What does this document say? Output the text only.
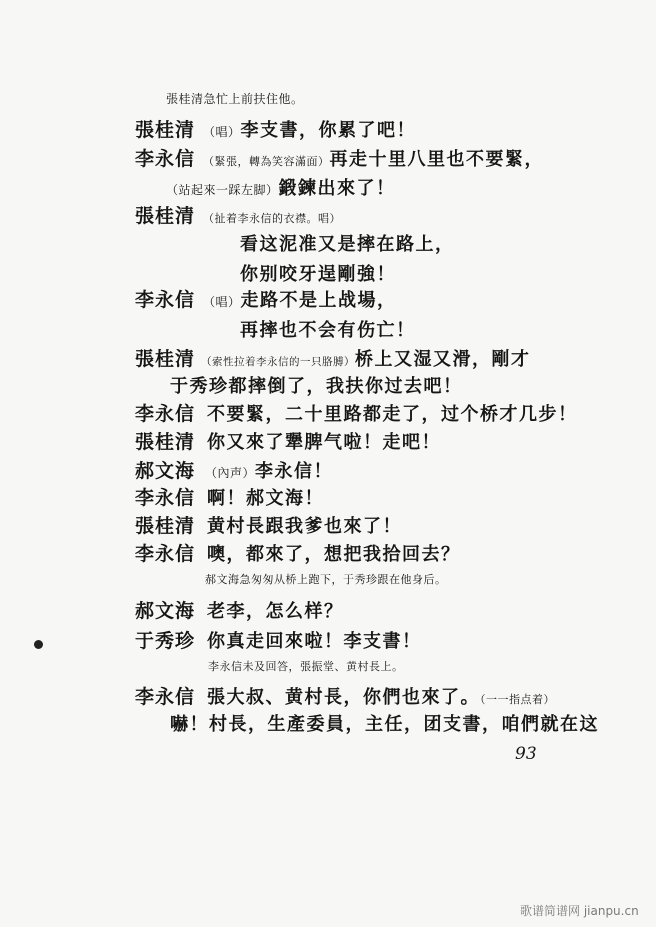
張桂清急忙上前扶住他。
張桂清 （唱）李支書，你累了吧！
李永信 （緊張，轉為笑容滿面）再走十里八里也不要緊，
（站起來一踩左脚）鍛鍊出來了！
張桂清 （扯着李永信的衣襟。唱）
看这泥准又是摔在路上，
你别咬牙逞剛強！
李永信 （唱）走路不是上战場，
再摔也不会有伤亡！
張桂清 （索性拉着李永信的一只胳膊）桥上又湿又滑，剛才
于秀珍都摔倒了，我扶你过去吧！
李永信 不要緊，二十里路都走了，过个桥才几步！
張桂清 你又來了犟脾气啦！走吧！
郝文海 （內声）李永信！
李永信 啊！郝文海！
張桂清 黄村長跟我爹也來了！
李永信 噢，都來了，想把我拾回去？
郝文海急匆匆从桥上跑下，于秀珍跟在他身后。
郝文海 老李，怎么样？
于秀珍 你真走回來啦！李支書！
李永信未及回答，張振堂、黄村長上。
李永信 張大叔、黄村長，你們也來了。（一一指点着）
嚇！村長，生產委員，主任，团支書，咱們就在这
93
歌谱简谱网 jianpu.cn
